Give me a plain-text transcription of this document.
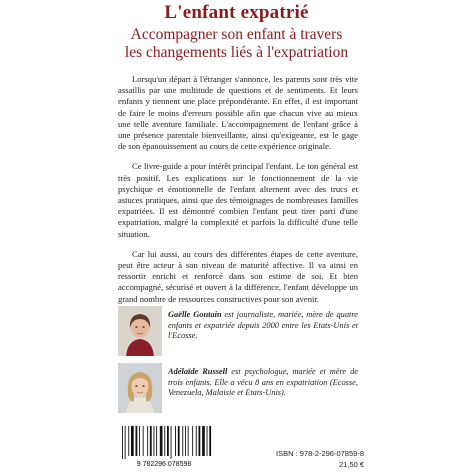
L'enfant expatrié
Accompagner son enfant à travers
les changements liés à l'expatriation

Lorsqu'un départ à l'étranger s'annonce, les parents sont très vite assaillis par une multitude de questions et de sentiments. Et leurs enfants y tiennent une place prépondérante. En effet, il est important de faire le moins d'erreurs possible afin que chacun vive au mieux une telle aventure familiale. L'accompagnement de l'enfant grâce à une présence parentale bienveillante, ainsi qu'exigeante, est le gage de son épanouissement au cours de cette expérience originale.

Ce livre-guide a pour intérêt principal l'enfant. Le ton général est très positif. Les explications sur le fonctionnement de la vie psychique et émotionnelle de l'enfant alternent avec des trucs et astuces pratiques, ainsi que des témoignages de nombreuses familles expatriées. Il est démontré combien l'enfant peut tirer parti d'une expatriation, malgré la complexité et parfois la difficulté d'une telle situation.

Car lui aussi, au cours des différentes étapes de cette aventure, peut être acteur à son niveau de maturité affective. Il va ainsi en ressortir enrichi et renforcé dans son estime de soi. Et bien accompagné, sécurisé et ouvert à la différence, l'enfant développe un grand nombre de ressources constructives pour son avenir.

Gaëlle Goutain est journaliste, mariée, mère de quatre enfants et expatriée depuis 2000 entre les Etats-Unis et l'Ecosse.
Adélaïde Russell est psychologue, mariée et mère de trois enfants. Elle a vécu 8 ans en expatriation (Ecosse, Venezuela, Malaisie et Etats-Unis).
9 782296 078598
ISBN : 978-2-296-07859-8
21,50 €
